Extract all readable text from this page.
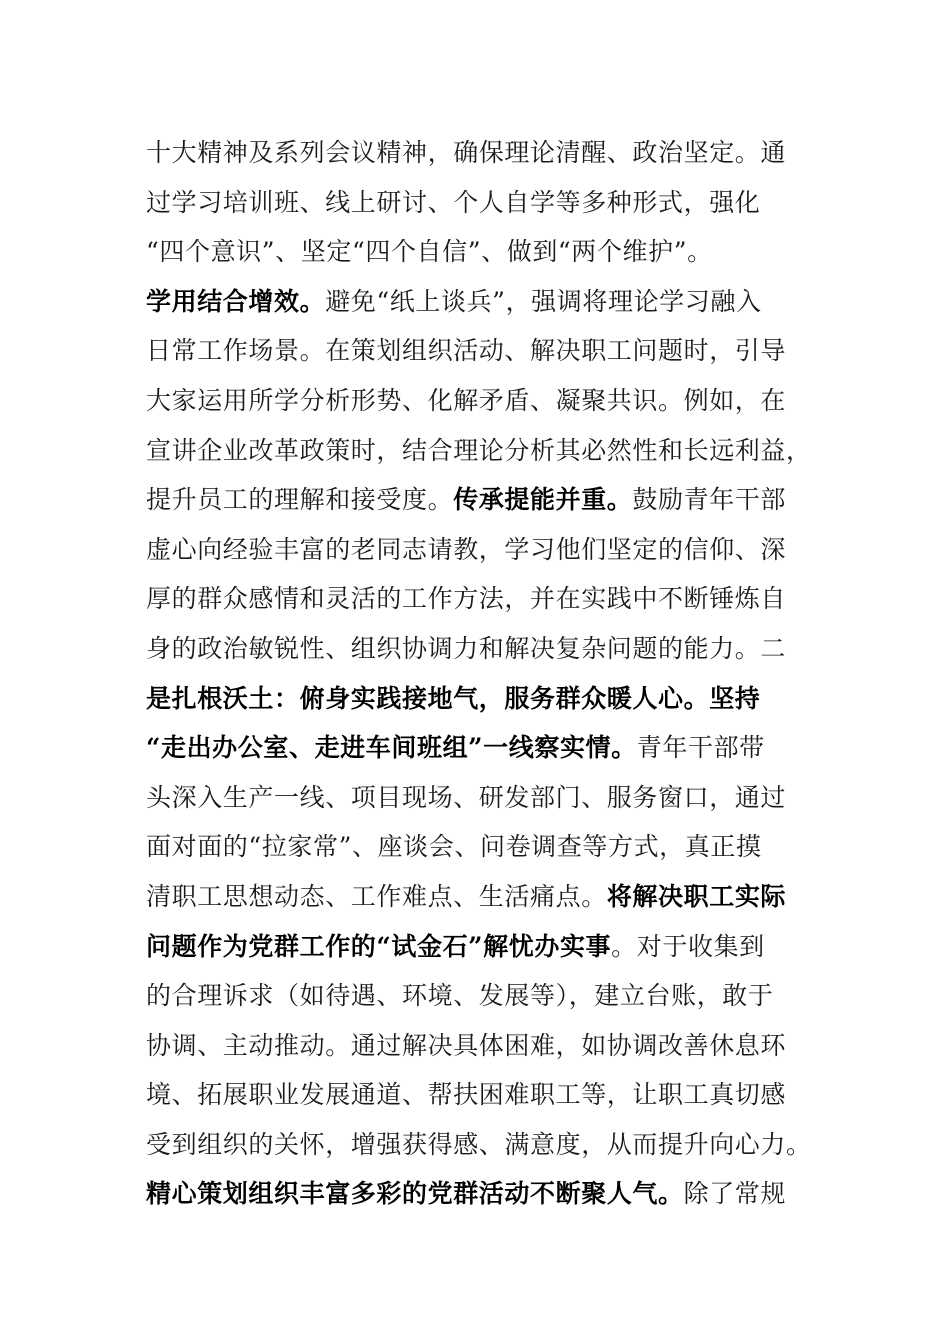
十大精神及系列会议精神，确保理论清醒、政治坚定。通
过学习培训班、线上研讨、个人自学等多种形式，强化
“四个意识”、坚定“四个自信”、做到“两个维护”。
学用结合增效。避免“纸上谈兵”，强调将理论学习融入
日常工作场景。在策划组织活动、解决职工问题时，引导
大家运用所学分析形势、化解矛盾、凝聚共识。例如，在
宣讲企业改革政策时，结合理论分析其必然性和长远利益，
提升员工的理解和接受度。传承提能并重。鼓励青年干部
虚心向经验丰富的老同志请教，学习他们坚定的信仰、深
厚的群众感情和灵活的工作方法，并在实践中不断锤炼自
身的政治敏锐性、组织协调力和解决复杂问题的能力。二
是扎根沃土：俯身实践接地气，服务群众暖人心。坚持
“走出办公室、走进车间班组”一线察实情。青年干部带
头深入生产一线、项目现场、研发部门、服务窗口，通过
面对面的“拉家常”、座谈会、问卷调查等方式，真正摸
清职工思想动态、工作难点、生活痛点。将解决职工实际
问题作为党群工作的“试金石”解忧办实事。对于收集到
的合理诉求（如待遇、环境、发展等），建立台账，敢于
协调、主动推动。通过解决具体困难，如协调改善休息环
境、拓展职业发展通道、帮扶困难职工等，让职工真切感
受到组织的关怀，增强获得感、满意度，从而提升向心力。
精心策划组织丰富多彩的党群活动不断聚人气。除了常规
